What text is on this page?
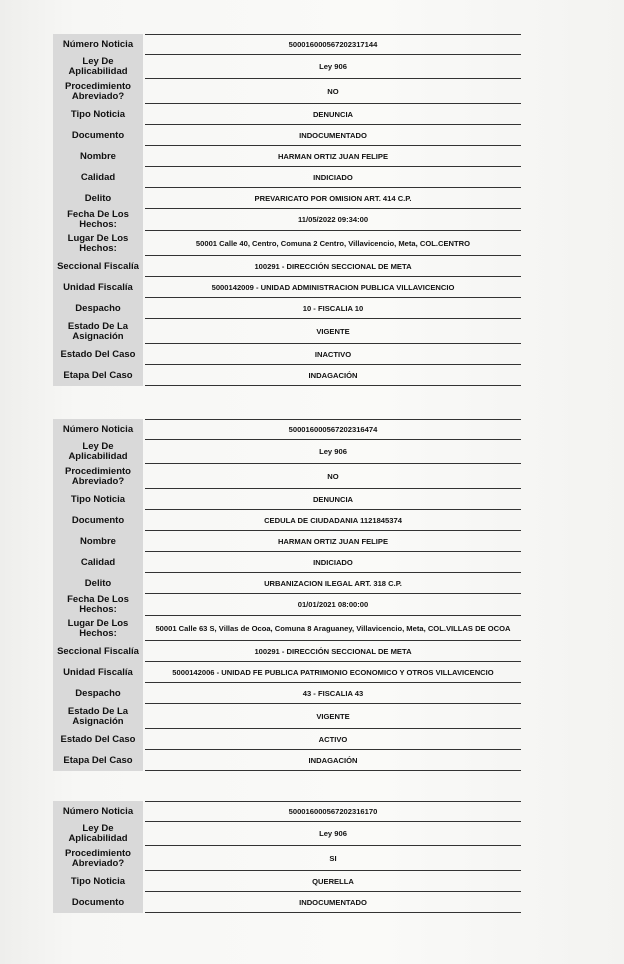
Número Noticia	500016000567202317144
Ley De Aplicabilidad	Ley 906
Procedimiento Abreviado?	NO
Tipo Noticia	DENUNCIA
Documento	INDOCUMENTADO
Nombre	HARMAN ORTIZ JUAN FELIPE
Calidad	INDICIADO
Delito	PREVARICATO POR OMISION ART. 414 C.P.
Fecha De Los Hechos:	11/05/2022 09:34:00
Lugar De Los Hechos:	50001 Calle 40, Centro, Comuna 2 Centro, Villavicencio, Meta, COL.CENTRO
Seccional Fiscalía	100291 - DIRECCIÓN SECCIONAL DE META
Unidad Fiscalía	5000142009 - UNIDAD ADMINISTRACION PUBLICA VILLAVICENCIO
Despacho	10 - FISCALIA 10
Estado De La Asignación	VIGENTE
Estado Del Caso	INACTIVO
Etapa Del Caso	INDAGACIÓN
Número Noticia	500016000567202316474
Ley De Aplicabilidad	Ley 906
Procedimiento Abreviado?	NO
Tipo Noticia	DENUNCIA
Documento	CEDULA DE CIUDADANIA 1121845374
Nombre	HARMAN ORTIZ JUAN FELIPE
Calidad	INDICIADO
Delito	URBANIZACION ILEGAL ART. 318 C.P.
Fecha De Los Hechos:	01/01/2021 08:00:00
Lugar De Los Hechos:	50001 Calle 63 S, Villas de Ocoa, Comuna 8 Araguaney, Villavicencio, Meta, COL.VILLAS DE OCOA
Seccional Fiscalía	100291 - DIRECCIÓN SECCIONAL DE META
Unidad Fiscalía	5000142006 - UNIDAD FE PUBLICA PATRIMONIO ECONOMICO Y OTROS VILLAVICENCIO
Despacho	43 - FISCALIA 43
Estado De La Asignación	VIGENTE
Estado Del Caso	ACTIVO
Etapa Del Caso	INDAGACIÓN
Número Noticia	500016000567202316170
Ley De Aplicabilidad	Ley 906
Procedimiento Abreviado?	SI
Tipo Noticia	QUERELLA
Documento	INDOCUMENTADO
